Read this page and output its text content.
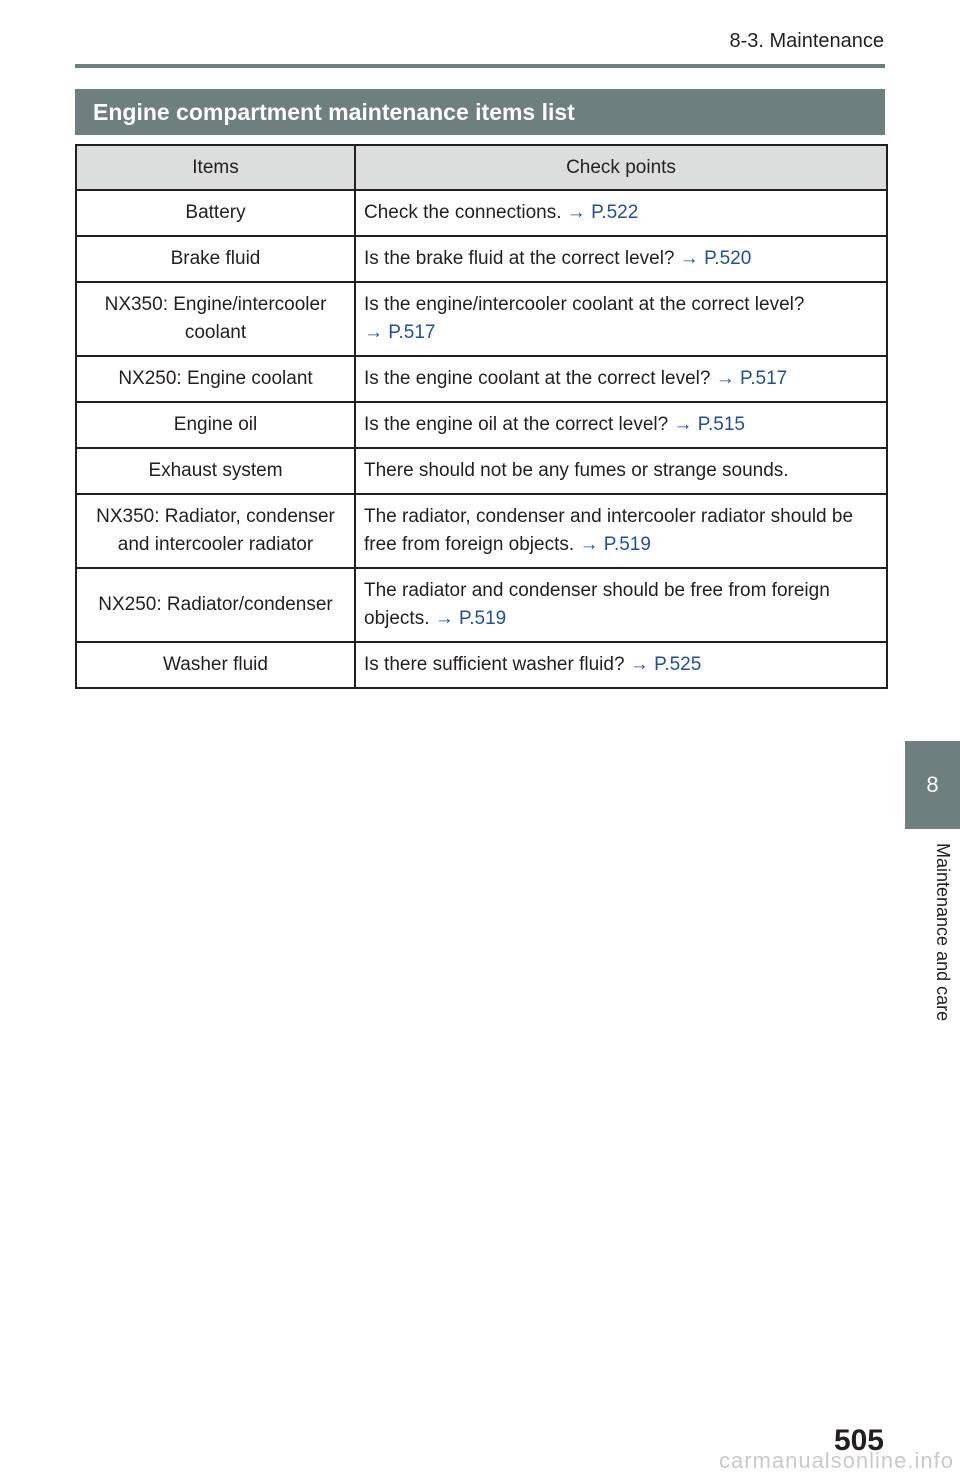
8-3. Maintenance
Engine compartment maintenance items list
Items	Check points
Battery	Check the connections. → P.522
Brake fluid	Is the brake fluid at the correct level? → P.520
NX350: Engine/intercooler coolant	Is the engine/intercooler coolant at the correct level? → P.517
NX250: Engine coolant	Is the engine coolant at the correct level? → P.517
Engine oil	Is the engine oil at the correct level? → P.515
Exhaust system	There should not be any fumes or strange sounds.
NX350: Radiator, condenser and intercooler radiator	The radiator, condenser and intercooler radiator should be free from foreign objects. → P.519
NX250: Radiator/condenser	The radiator and condenser should be free from foreign objects. → P.519
Washer fluid	Is there sufficient washer fluid? → P.525
8
Maintenance and care
505
carmanualsonline.info
